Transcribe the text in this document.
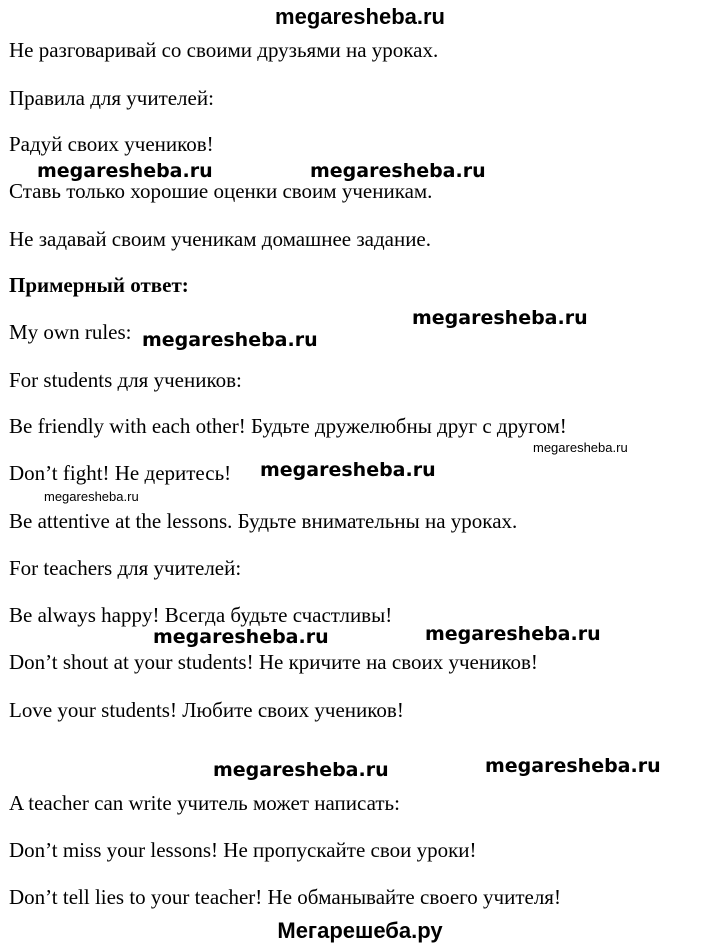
megaresheba.ru
Не разговаривай со своими друзьями на уроках.
Правила для учителей:
Радуй своих учеников!
Ставь только хорошие оценки своим ученикам.
Не задавай своим ученикам домашнее задание.
Примерный ответ:
My own rules:
For students для учеников:
Be friendly with each other! Будьте дружелюбны друг с другом!
Don’t fight! Не деритесь!
Be attentive at the lessons. Будьте внимательны на уроках.
For teachers для учителей:
Be always happy! Всегда будьте счастливы!
Don’t shout at your students! Не кричите на своих учеников!
Love your students! Любите своих учеников!
A teacher can write учитель может написать:
Don’t miss your lessons! Не пропускайте свои уроки!
Don’t tell lies to your teacher! Не обманывайте своего учителя!
megaresheba.ru	megaresheba.ru
megaresheba.ru
megaresheba.ru
megaresheba.ru
megaresheba.ru
megaresheba.ru
megaresheba.ru	megaresheba.ru
megaresheba.ru	megaresheba.ru
Мегарешеба.ру
